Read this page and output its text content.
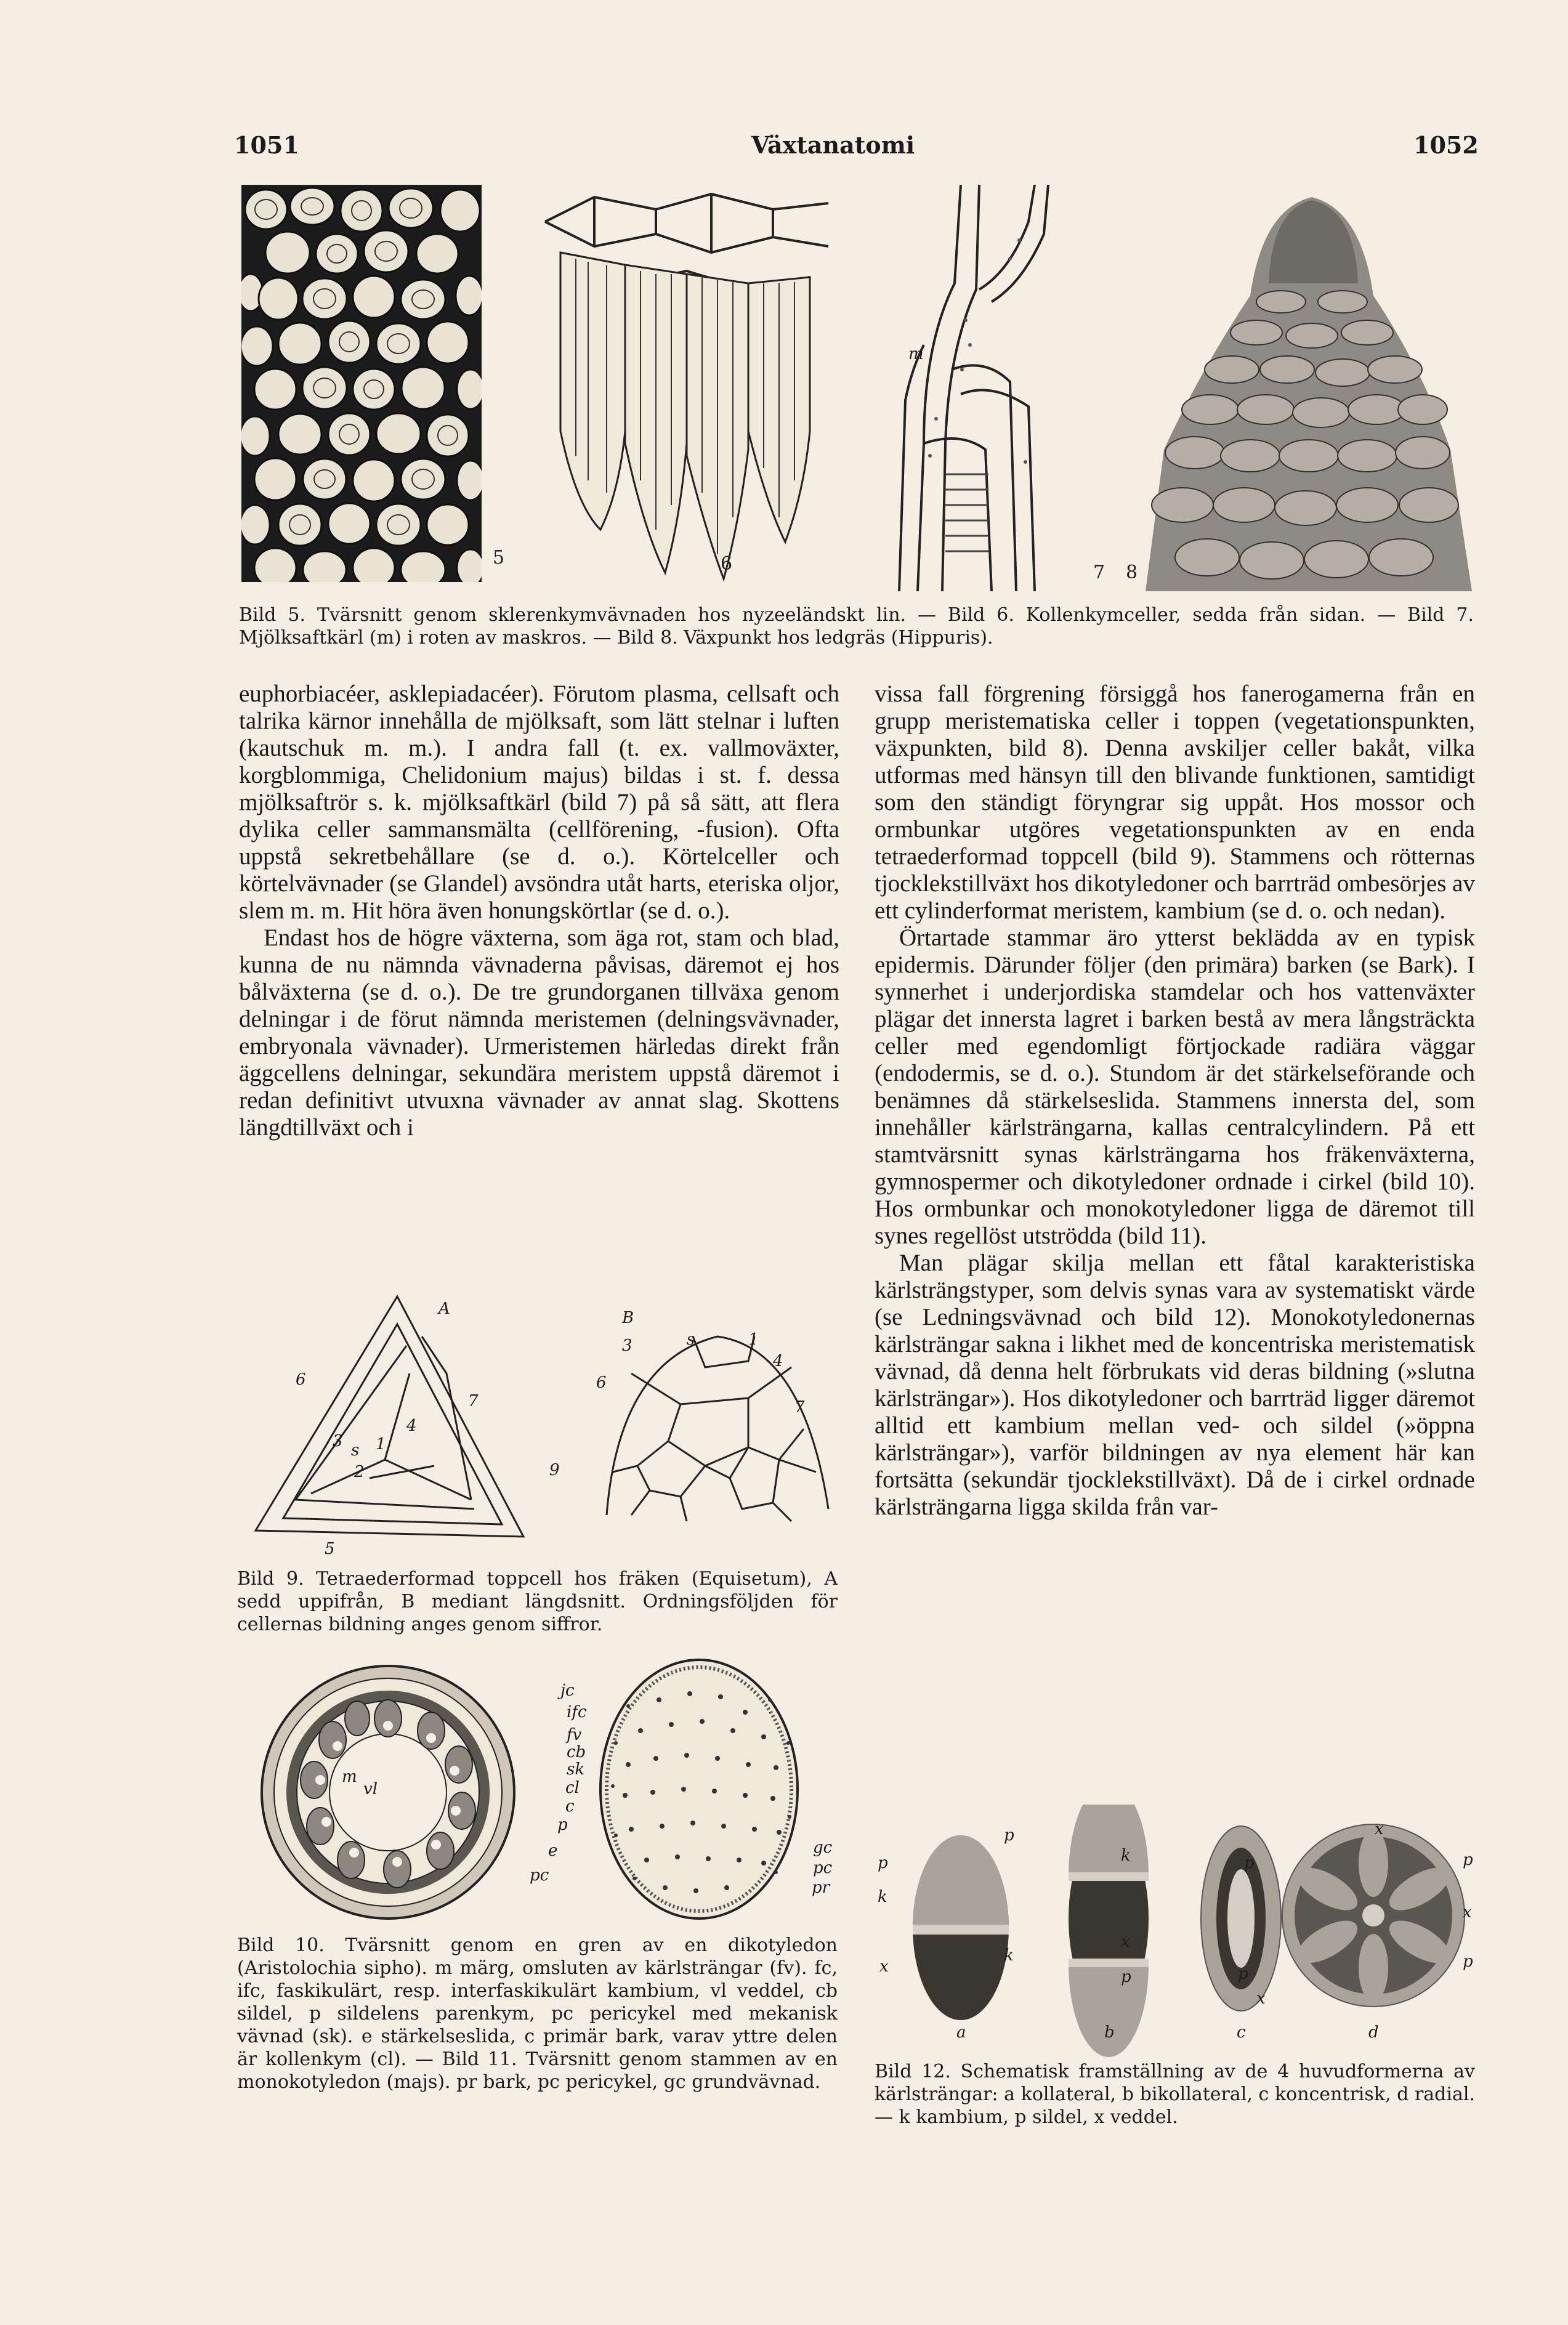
1051	Växtanatomi	1052
5	6
m
7 8
Bild 5. Tvärsnitt genom sklerenkymvävnaden hos nyzeeländskt lin. — Bild 6. Kollenkymceller, sedda från sidan. — Bild 7. Mjölksaftkärl (m) i roten av maskros. — Bild 8. Växpunkt hos ledgräs (Hippuris).

euphorbiacéer, asklepiadacéer). Förutom plasma, cellsaft och talrika kärnor innehålla de mjölksaft, som lätt stelnar i luften (kautschuk m. m.). I andra fall (t. ex. vallmoväxter, korgblommiga, Chelidonium majus) bildas i st. f. dessa mjölksaftrör s. k. mjölksaftkärl (bild 7) på så sätt, att flera dylika celler sammansmälta (cellförening, -fusion). Ofta uppstå sekretbehållare (se d. o.). Körtelceller och körtelvävnader (se Glandel) avsöndra utåt harts, eteriska oljor, slem m. m. Hit höra även honungskörtlar (se d. o.).

Endast hos de högre växterna, som äga rot, stam och blad, kunna de nu nämnda vävnaderna påvisas, däremot ej hos bålväxterna (se d. o.). De tre grundorganen tillväxa genom delningar i de förut nämnda meristemen (delningsvävnader, embryonala vävnader). Urmeristemen härledas direkt från äggcellens delningar, sekundära meristem uppstå däremot i redan definitivt utvuxna vävnader av annat slag. Skottens längdtillväxt och i

vissa fall förgrening försiggå hos fanerogamerna från en grupp meristematiska celler i toppen (vegetationspunkten, växpunkten, bild 8). Denna avskiljer celler bakåt, vilka utformas med hänsyn till den blivande funktionen, samtidigt som den ständigt föryngrar sig uppåt. Hos mossor och ormbunkar utgöres vegetationspunkten av en enda tetraederformad toppcell (bild 9). Stammens och rötternas tjocklekstillväxt hos dikotyledoner och barrträd ombesörjes av ett cylinderformat meristem, kambium (se d. o. och nedan).

Örtartade stammar äro ytterst beklädda av en typisk epidermis. Därunder följer (den primära) barken (se Bark). I synnerhet i underjordiska stamdelar och hos vattenväxter plägar det innersta lagret i barken bestå av mera långsträckta celler med egendomligt förtjockade radiära väggar (endodermis, se d. o.). Stundom är det stärkelseförande och benämnes då stärkelseslida. Stammens innersta del, som innehåller kärlsträngarna, kallas centralcylindern. På ett stamtvärsnitt synas kärlsträngarna hos fräkenväxterna, gymnospermer och dikotyledoner ordnade i cirkel (bild 10). Hos ormbunkar och monokotyledoner ligga de däremot till synes regellöst utströdda (bild 11).

Man plägar skilja mellan ett fåtal karakteristiska kärlsträngstyper, som delvis synas vara av systematiskt värde (se Ledningsvävnad och bild 12). Monokotyledonernas kärlsträngar sakna i likhet med de koncentriska meristematisk vävnad, då denna helt förbrukats vid deras bildning (»slutna kärlsträngar»). Hos dikotyledoner och barrträd ligger däremot alltid ett kambium mellan ved- och sildel (»öppna kärlsträngar»), varför bildningen av nya element här kan fortsätta (sekundär tjocklekstillväxt). Då de i cirkel ordnade kärlsträngarna ligga skilda från var-

A
6
7
4
3 s 1
2
5
B
3	s	1
4
6
7
9
Bild 9. Tetraederformad toppcell hos fräken (Equisetum), A sedd uppifrån, B mediant längdsnitt. Ordningsföljden för cellernas bildning anges genom siffror.
m
vl
jc
ifc
fv
cb
sk
cl
c
p
e
pc
gc
pc
pr
Bild 10. Tvärsnitt genom en gren av en dikotyledon (Aristolochia sipho). m märg, omsluten av kärlsträngar (fv). fc, ifc, faskikulärt, resp. interfaskikulärt kambium, vl veddel, cb sildel, p sildelens parenkym, pc pericykel med mekanisk vävnad (sk). e stärkelseslida, c primär bark, varav yttre delen är kollenkym (cl). — Bild 11. Tvärsnitt genom stammen av en monokotyledon (majs). pr bark, pc pericykel, gc grundvävnad.
p
k
x
p
k
k
x
p
x
p	p
x
p
p
x
a	b	c	d
Bild 12. Schematisk framställning av de 4 huvudformerna av kärlsträngar: a kollateral, b bikollateral, c koncentrisk, d radial. — k kambium, p sildel, x veddel.
